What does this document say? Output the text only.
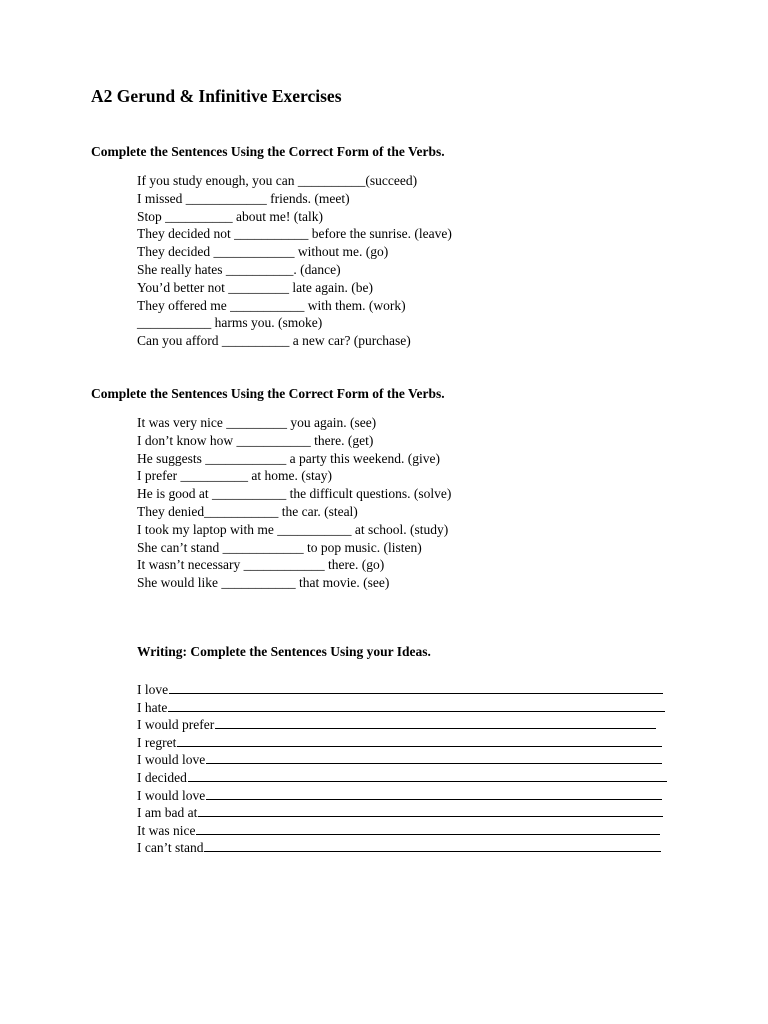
A2 Gerund & Infinitive Exercises
Complete the Sentences Using the Correct Form of the Verbs.
If you study enough, you can __________(succeed)
I missed ____________ friends. (meet)
Stop __________ about me! (talk)
They decided not ___________ before the sunrise. (leave)
They decided ____________ without me. (go)
She really hates __________. (dance)
You’d better not _________ late again. (be)
They offered me ___________ with them. (work)
___________ harms you. (smoke)
Can you afford __________ a new car? (purchase)
Complete the Sentences Using the Correct Form of the Verbs.
It was very nice _________ you again. (see)
I don’t know how ___________ there. (get)
He suggests ____________ a party this weekend. (give)
I prefer __________ at home. (stay)
He is good at ___________ the difficult questions. (solve)
They denied___________ the car. (steal)
I took my laptop with me ___________ at school. (study)
She can’t stand ____________ to pop music. (listen)
It wasn’t necessary ____________ there. (go)
She would like ___________ that movie. (see)
Writing: Complete the Sentences Using your Ideas.
I love
I hate
I would prefer
I regret
I would love
I decided
I would love
I am bad at
It was nice
I can’t stand
